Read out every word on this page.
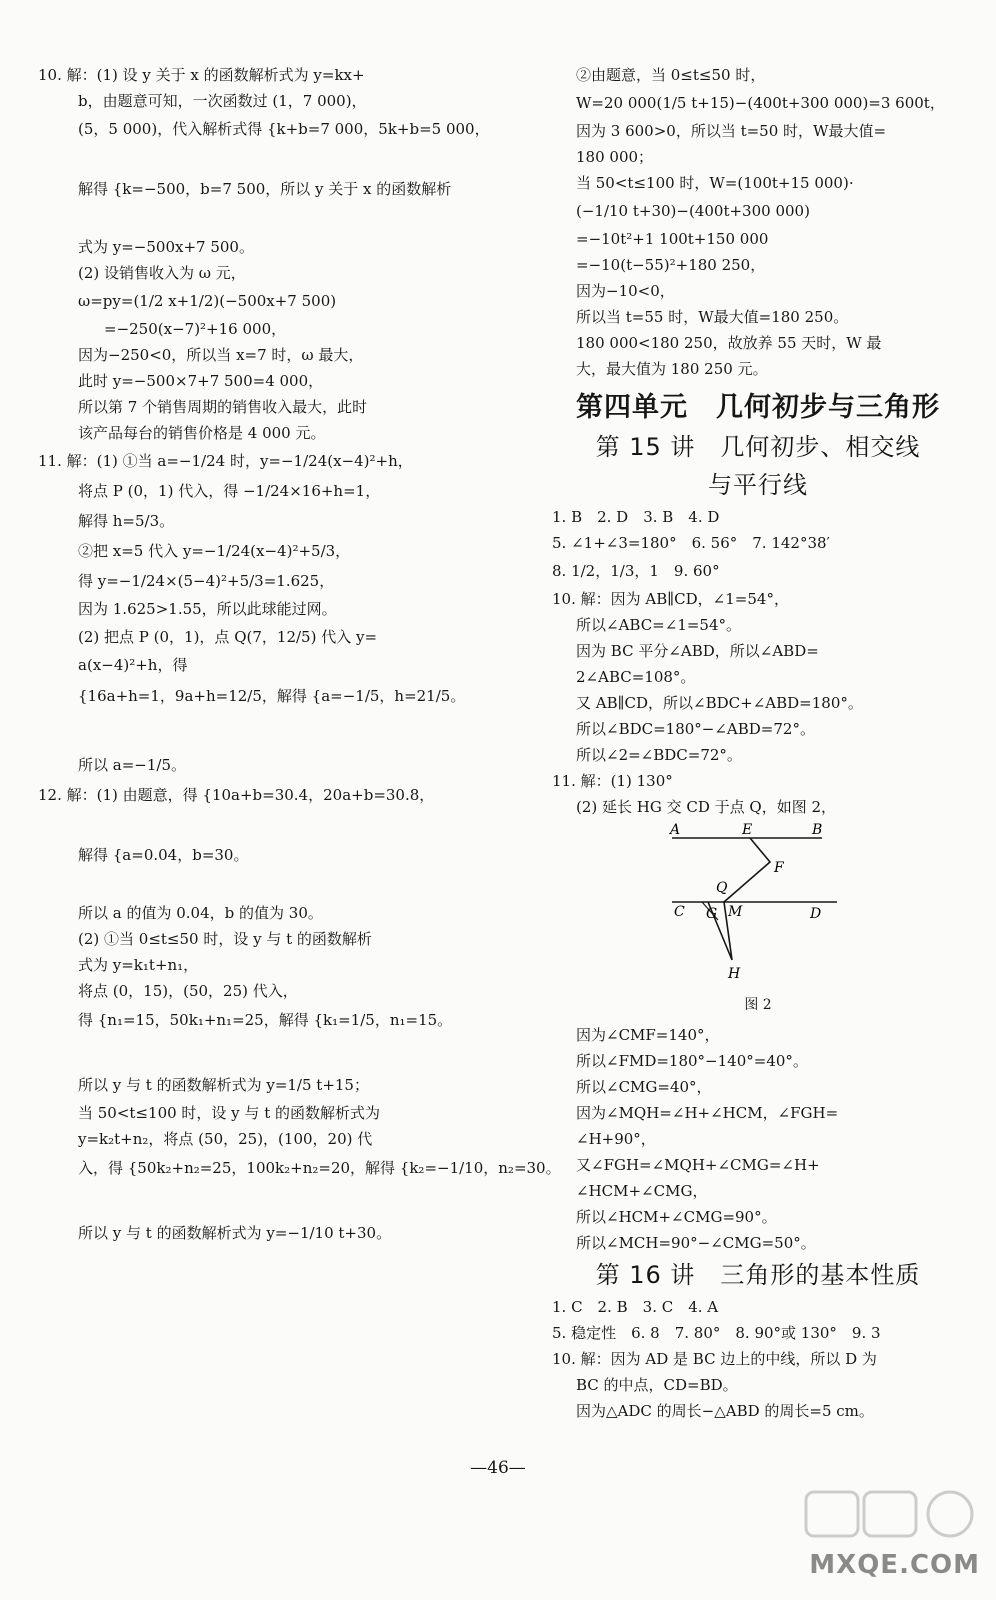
10. 解：(1) 设 y 关于 x 的函数解析式为 y=kx+
b，由题意可知，一次函数过 (1，7 000)，
(5，5 000)，代入解析式得 {k+b=7 000，5k+b=5 000，
解得 {k=−500，b=7 500，所以 y 关于 x 的函数解析
式为 y=−500x+7 500。
(2) 设销售收入为 ω 元，
ω=py=(1/2 x+1/2)(−500x+7 500)
=−250(x−7)²+16 000，
因为−250<0，所以当 x=7 时，ω 最大，
此时 y=−500×7+7 500=4 000，
所以第 7 个销售周期的销售收入最大，此时
该产品每台的销售价格是 4 000 元。
11. 解：(1) ①当 a=−1/24 时，y=−1/24(x−4)²+h，
将点 P (0，1) 代入，得 −1/24×16+h=1，
解得 h=5/3。
②把 x=5 代入 y=−1/24(x−4)²+5/3，
得 y=−1/24×(5−4)²+5/3=1.625，
因为 1.625>1.55，所以此球能过网。
(2) 把点 P (0，1)，点 Q(7，12/5) 代入 y=
a(x−4)²+h，得
{16a+h=1，9a+h=12/5，解得 {a=−1/5，h=21/5。
所以 a=−1/5。
12. 解：(1) 由题意，得 {10a+b=30.4，20a+b=30.8，
解得 {a=0.04，b=30。
所以 a 的值为 0.04，b 的值为 30。
(2) ①当 0≤t≤50 时，设 y 与 t 的函数解析
式为 y=k₁t+n₁，
将点 (0，15)，(50，25) 代入，
得 {n₁=15，50k₁+n₁=25，解得 {k₁=1/5，n₁=15。
所以 y 与 t 的函数解析式为 y=1/5 t+15；
当 50<t≤100 时，设 y 与 t 的函数解析式为
y=k₂t+n₂，将点 (50，25)，(100，20) 代
入，得 {50k₂+n₂=25，100k₂+n₂=20，解得 {k₂=−1/10，n₂=30。
所以 y 与 t 的函数解析式为 y=−1/10 t+30。
②由题意，当 0≤t≤50 时，
W=20 000(1/5 t+15)−(400t+300 000)=3 600t，
因为 3 600>0，所以当 t=50 时，W最大值=
180 000；
当 50<t≤100 时，W=(100t+15 000)·
(−1/10 t+30)−(400t+300 000)
=−10t²+1 100t+150 000
=−10(t−55)²+180 250，
因为−10<0，
所以当 t=55 时，W最大值=180 250。
180 000<180 250，故放养 55 天时，W 最
大，最大值为 180 250 元。
第四单元　几何初步与三角形
第 15 讲　几何初步、相交线
与平行线
1. B　2. D　3. B　4. D
5. ∠1+∠3=180°　6. 56°　7. 142°38′
8. 1/2，1/3，1　9. 60°
10. 解：因为 AB∥CD，∠1=54°，
所以∠ABC=∠1=54°。
因为 BC 平分∠ABD，所以∠ABD=
2∠ABC=108°。
又 AB∥CD，所以∠BDC+∠ABD=180°。
所以∠BDC=180°−∠ABD=72°。
所以∠2=∠BDC=72°。
11. 解：(1) 130°
(2) 延长 HG 交 CD 于点 Q，如图 2，
A	E	B
F
Q
C G M	D
H
图 2
因为∠CMF=140°，
所以∠FMD=180°−140°=40°。
所以∠CMG=40°，
因为∠MQH=∠H+∠HCM，∠FGH=
∠H+90°，
又∠FGH=∠MQH+∠CMG=∠H+
∠HCM+∠CMG，
所以∠HCM+∠CMG=90°。
所以∠MCH=90°−∠CMG=50°。
第 16 讲　三角形的基本性质
1. C　2. B　3. C　4. A
5. 稳定性　6. 8　7. 80°　8. 90°或 130°　9. 3
10. 解：因为 AD 是 BC 边上的中线，所以 D 为
BC 的中点，CD=BD。
因为△ADC 的周长−△ABD 的周长=5 cm。
—46—
MXQE.COM
